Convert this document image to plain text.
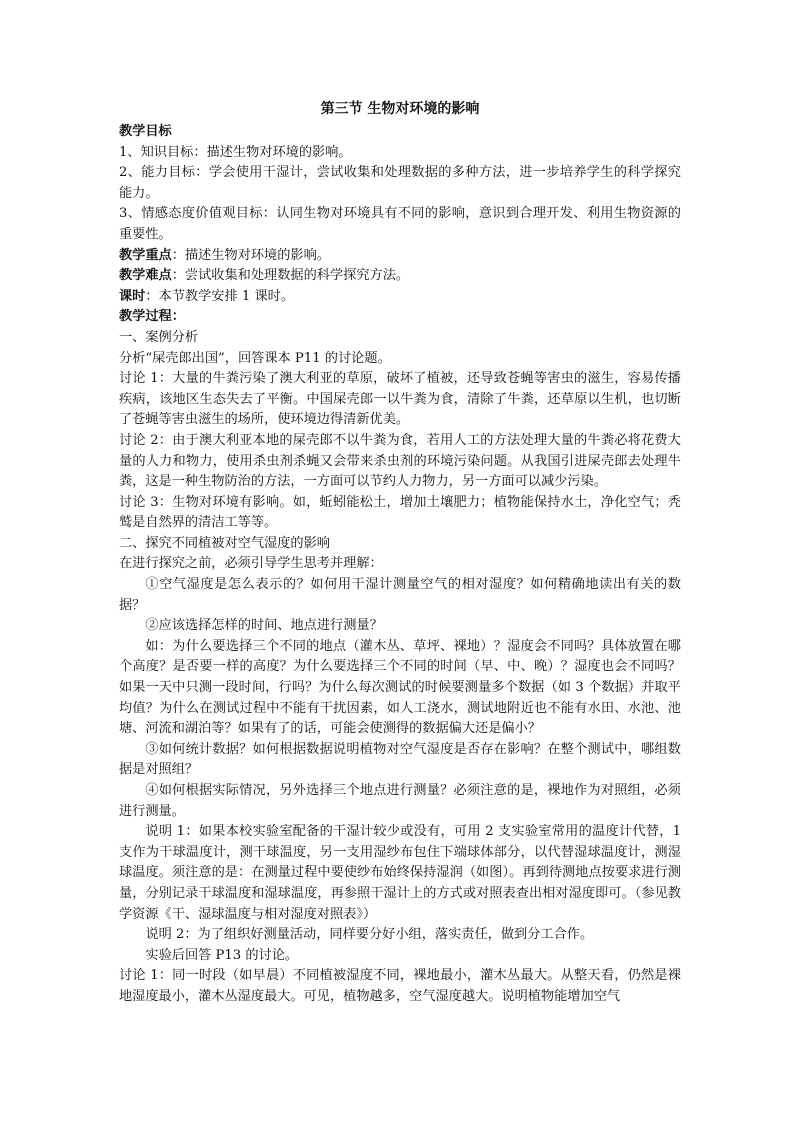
第三节 生物对环境的影响

教学目标

1、知识目标：描述生物对环境的影响。

2、能力目标：学会使用干湿计，尝试收集和处理数据的多种方法，进一步培养学生的科学探究能力。

3、情感态度价值观目标：认同生物对环境具有不同的影响，意识到合理开发、利用生物资源的重要性。

教学重点：描述生物对环境的影响。

教学难点：尝试收集和处理数据的科学探究方法。

课时：本节教学安排 1 课时。

教学过程：

一、案例分析

分析“屎壳郎出国”，回答课本 P11 的讨论题。

讨论 1：大量的牛粪污染了澳大利亚的草原，破坏了植被，还导致苍蝇等害虫的滋生，容易传播疾病，该地区生态失去了平衡。中国屎壳郎一以牛粪为食，清除了牛粪，还草原以生机，也切断了苍蝇等害虫滋生的场所，使环境边得清新优美。

讨论 2：由于澳大利亚本地的屎壳郎不以牛粪为食，若用人工的方法处理大量的牛粪必将花费大量的人力和物力，使用杀虫剂杀蝇又会带来杀虫剂的环境污染问题。从我国引进屎壳郎去处理牛粪，这是一种生物防治的方法，一方面可以节约人力物力，另一方面可以减少污染。

讨论 3：生物对环境有影响。如，蚯蚓能松土，增加土壤肥力；植物能保持水土，净化空气；秃鹫是自然界的清洁工等等。

二、探究不同植被对空气湿度的影响

在进行探究之前，必须引导学生思考并理解：

①空气湿度是怎么表示的？如何用干湿计测量空气的相对湿度？如何精确地读出有关的数据？

②应该选择怎样的时间、地点进行测量？

如：为什么要选择三个不同的地点（灌木丛、草坪、裸地）？湿度会不同吗？具体放置在哪个高度？是否要一样的高度？为什么要选择三个不同的时间（早、中、晚）？湿度也会不同吗？如果一天中只测一段时间，行吗？为什么每次测试的时候要测量多个数据（如 3 个数据）并取平均值？为什么在测试过程中不能有干扰因素，如人工浇水，测试地附近也不能有水田、水池、池塘、河流和湖泊等？如果有了的话，可能会使测得的数据偏大还是偏小？

③如何统计数据？如何根据数据说明植物对空气湿度是否存在影响？在整个测试中，哪组数据是对照组？

④如何根据实际情况，另外选择三个地点进行测量？必须注意的是，裸地作为对照组，必须进行测量。

说明 1：如果本校实验室配备的干湿计较少或没有，可用 2 支实验室常用的温度计代替，1 支作为干球温度计，测干球温度，另一支用湿纱布包住下端球体部分，以代替湿球温度计，测湿球温度。须注意的是：在测量过程中要使纱布始终保持湿润（如图）。再到待测地点按要求进行测量，分别记录干球温度和湿球温度，再参照干湿计上的方式或对照表查出相对湿度即可。（参见教学资源《干、湿球温度与相对湿度对照表》）

说明 2：为了组织好测量活动，同样要分好小组，落实责任，做到分工合作。

实验后回答 P13 的讨论。

讨论 1：同一时段（如早晨）不同植被湿度不同，裸地最小，灌木丛最大。从整天看，仍然是裸地湿度最小，灌木丛湿度最大。可见，植物越多，空气湿度越大。说明植物能增加空气
